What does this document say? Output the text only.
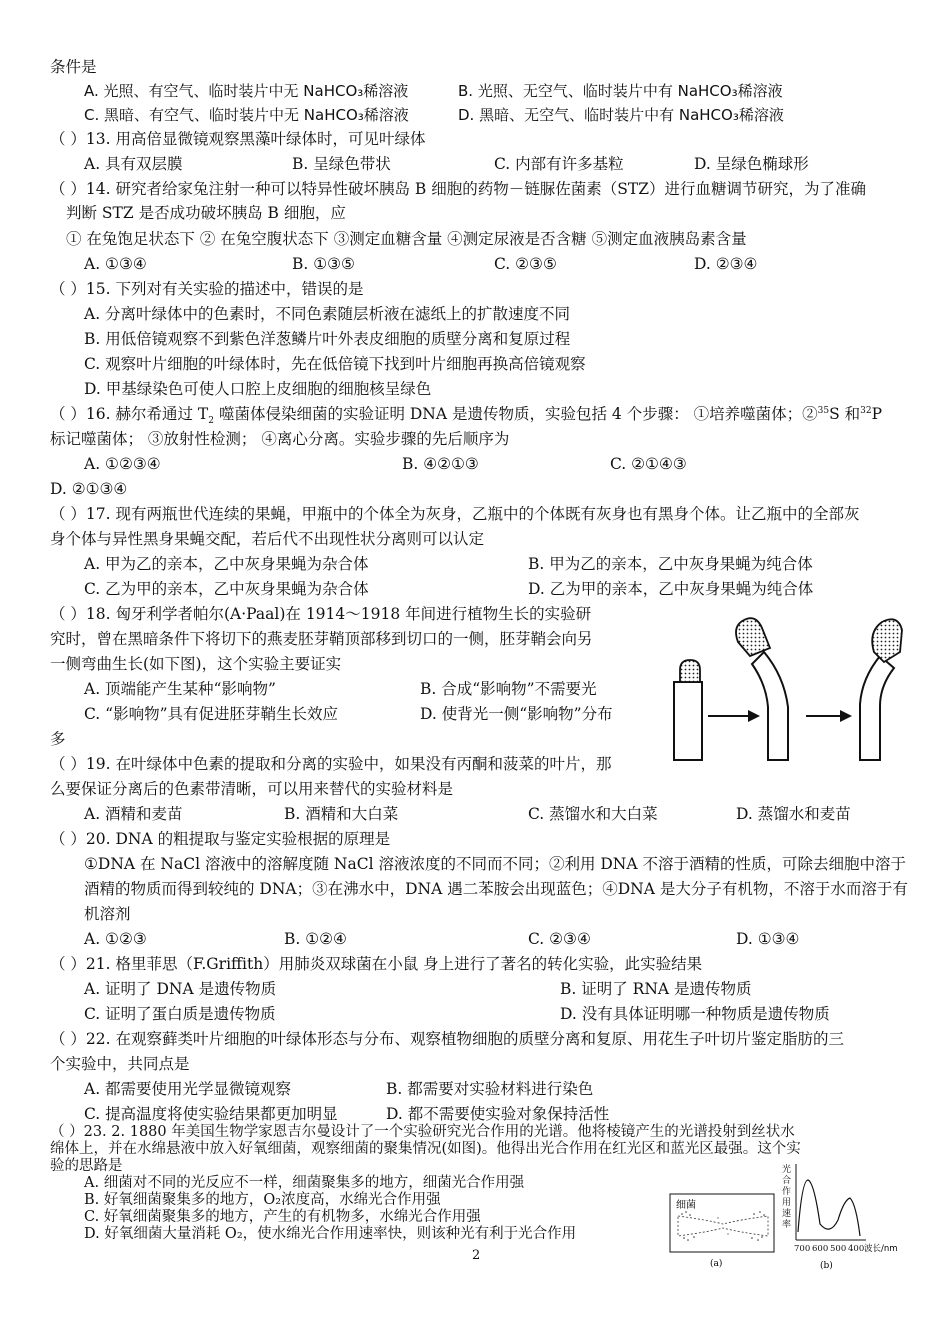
条件是
A. 光照、有空气、临时装片中无 NaHCO₃稀溶液	B. 光照、无空气、临时装片中有 NaHCO₃稀溶液
C. 黑暗、有空气、临时装片中无 NaHCO₃稀溶液	D. 黑暗、无空气、临时装片中有 NaHCO₃稀溶液
（ ）13. 用高倍显微镜观察黑藻叶绿体时，可见叶绿体
A. 具有双层膜	B. 呈绿色带状	C. 内部有许多基粒	D. 呈绿色椭球形
（ ）14. 研究者给家兔注射一种可以特异性破坏胰岛 B 细胞的药物－链脲佐菌素（STZ）进行血糖调节研究，为了准确
判断 STZ 是否成功破坏胰岛 B 细胞，应
① 在兔饱足状态下 ② 在兔空腹状态下 ③测定血糖含量 ④测定尿液是否含糖 ⑤测定血液胰岛素含量
A. ①③④	B. ①③⑤	C. ②③⑤	D. ②③④
（ ）15. 下列对有关实验的描述中，错误的是
A. 分离叶绿体中的色素时，不同色素随层析液在滤纸上的扩散速度不同
B. 用低倍镜观察不到紫色洋葱鳞片叶外表皮细胞的质壁分离和复原过程
C. 观察叶片细胞的叶绿体时，先在低倍镜下找到叶片细胞再换高倍镜观察
D. 甲基绿染色可使人口腔上皮细胞的细胞核呈绿色
（ ）16. 赫尔希通过 $T_2$ 噬菌体侵染细菌的实验证明 DNA 是遗传物质，实验包括 4 个步骤： ①培养噬菌体；②$^{35}$S 和$^{32}$P
标记噬菌体； ③放射性检测； ④离心分离。实验步骤的先后顺序为
A. ①②③④	B. ④②①③	C. ②①④③
D. ②①③④
（ ）17. 现有两瓶世代连续的果蝇，甲瓶中的个体全为灰身，乙瓶中的个体既有灰身也有黑身个体。让乙瓶中的全部灰
身个体与异性黑身果蝇交配，若后代不出现性状分离则可以认定
A. 甲为乙的亲本，乙中灰身果蝇为杂合体	B. 甲为乙的亲本，乙中灰身果蝇为纯合体
C. 乙为甲的亲本，乙中灰身果蝇为杂合体	D. 乙为甲的亲本，乙中灰身果蝇为纯合体
（ ）18. 匈牙利学者帕尔(A·Paal)在 1914～1918 年间进行植物生长的实验研
究时，曾在黑暗条件下将切下的燕麦胚芽鞘顶部移到切口的一侧，胚芽鞘会向另
一侧弯曲生长(如下图)，这个实验主要证实
A. 顶端能产生某种“影响物”	B. 合成“影响物”不需要光
C. “影响物”具有促进胚芽鞘生长效应	D. 使背光一侧“影响物”分布
多
（ ）19. 在叶绿体中色素的提取和分离的实验中，如果没有丙酮和菠菜的叶片，那
么要保证分离后的色素带清晰，可以用来替代的实验材料是
A. 酒精和麦苗	B. 酒精和大白菜	C. 蒸馏水和大白菜	D. 蒸馏水和麦苗
（ ）20. DNA 的粗提取与鉴定实验根据的原理是
①DNA 在 NaCl 溶液中的溶解度随 NaCl 溶液浓度的不同而不同；②利用 DNA 不溶于酒精的性质，可除去细胞中溶于
酒精的物质而得到较纯的 DNA；③在沸水中，DNA 遇二苯胺会出现蓝色；④DNA 是大分子有机物，不溶于水而溶于有
机溶剂
A. ①②③	B. ①②④	C. ②③④	D. ①③④
（ ）21. 格里菲思（F.Griffith）用肺炎双球菌在小鼠 身上进行了著名的转化实验，此实验结果
A. 证明了 DNA 是遗传物质	B. 证明了 RNA 是遗传物质
C. 证明了蛋白质是遗传物质	D. 没有具体证明哪一种物质是遗传物质
（ ）22. 在观察藓类叶片细胞的叶绿体形态与分布、观察植物细胞的质壁分离和复原、用花生子叶切片鉴定脂肪的三
个实验中，共同点是
A. 都需要使用光学显微镜观察	B. 都需要对实验材料进行染色
C. 提高温度将使实验结果都更加明显	D. 都不需要使实验对象保持活性
（ ）23. 2. 1880 年美国生物学家恩吉尔曼设计了一个实验研究光合作用的光谱。他将棱镜产生的光谱投射到丝状水
绵体上，并在水绵悬液中放入好氧细菌，观察细菌的聚集情况(如图)。他得出光合作用在红光区和蓝光区最强。这个实
验的思路是
A. 细菌对不同的光反应不一样，细菌聚集多的地方，细菌光合作用强
B. 好氧细菌聚集多的地方，O₂浓度高，水绵光合作用强
C. 好氧细菌聚集多的地方，产生的有机物多，水绵光合作用强
D. 好氧细菌大量消耗 O₂，使水绵光合作用速率快，则该种光有利于光合作用
细菌
(a)
光
合
作
用
速
率
700 600 500 400 波长/nm
(b)
2
